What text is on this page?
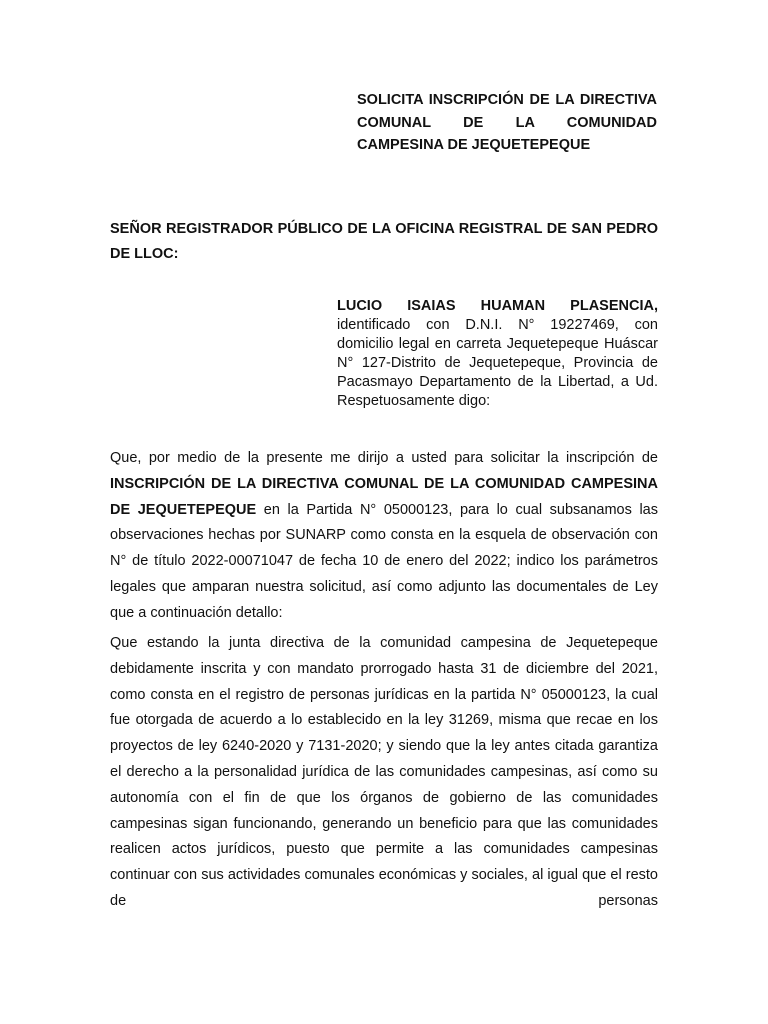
SOLICITA INSCRIPCIÓN DE LA DIRECTIVA COMUNAL DE LA COMUNIDAD CAMPESINA DE JEQUETEPEQUE
SEÑOR REGISTRADOR PÚBLICO DE LA OFICINA REGISTRAL DE SAN PEDRO DE LLOC:
LUCIO ISAIAS HUAMAN PLASENCIA,
identificado con D.N.I. N° 19227469, con domicilio legal en carreta Jequetepeque Huáscar N° 127-Distrito de Jequetepeque, Provincia de Pacasmayo Departamento de la Libertad, a Ud. Respetuosamente digo:

Que, por medio de la presente me dirijo a usted para solicitar la inscripción de INSCRIPCIÓN DE LA DIRECTIVA COMUNAL DE LA COMUNIDAD CAMPESINA DE JEQUETEPEQUE en la Partida N° 05000123, para lo cual subsanamos las observaciones hechas por SUNARP como consta en la esquela de observación con N° de título 2022-00071047 de fecha 10 de enero del 2022; indico los parámetros legales que amparan nuestra solicitud, así como adjunto las documentales de Ley que a continuación detallo:

Que estando la junta directiva de la comunidad campesina de Jequetepeque debidamente inscrita y con mandato prorrogado hasta 31 de diciembre del 2021, como consta en el registro de personas jurídicas en la partida N° 05000123, la cual fue otorgada de acuerdo a lo establecido en la ley 31269, misma que recae en los proyectos de ley 6240-2020 y 7131-2020; y siendo que la ley antes citada garantiza el derecho a la personalidad jurídica de las comunidades campesinas, así como su autonomía con el fin de que los órganos de gobierno de las comunidades campesinas sigan funcionando, generando un beneficio para que las comunidades realicen actos jurídicos, puesto que permite a las comunidades campesinas continuar con sus actividades comunales económicas y sociales, al igual que el resto de personas
